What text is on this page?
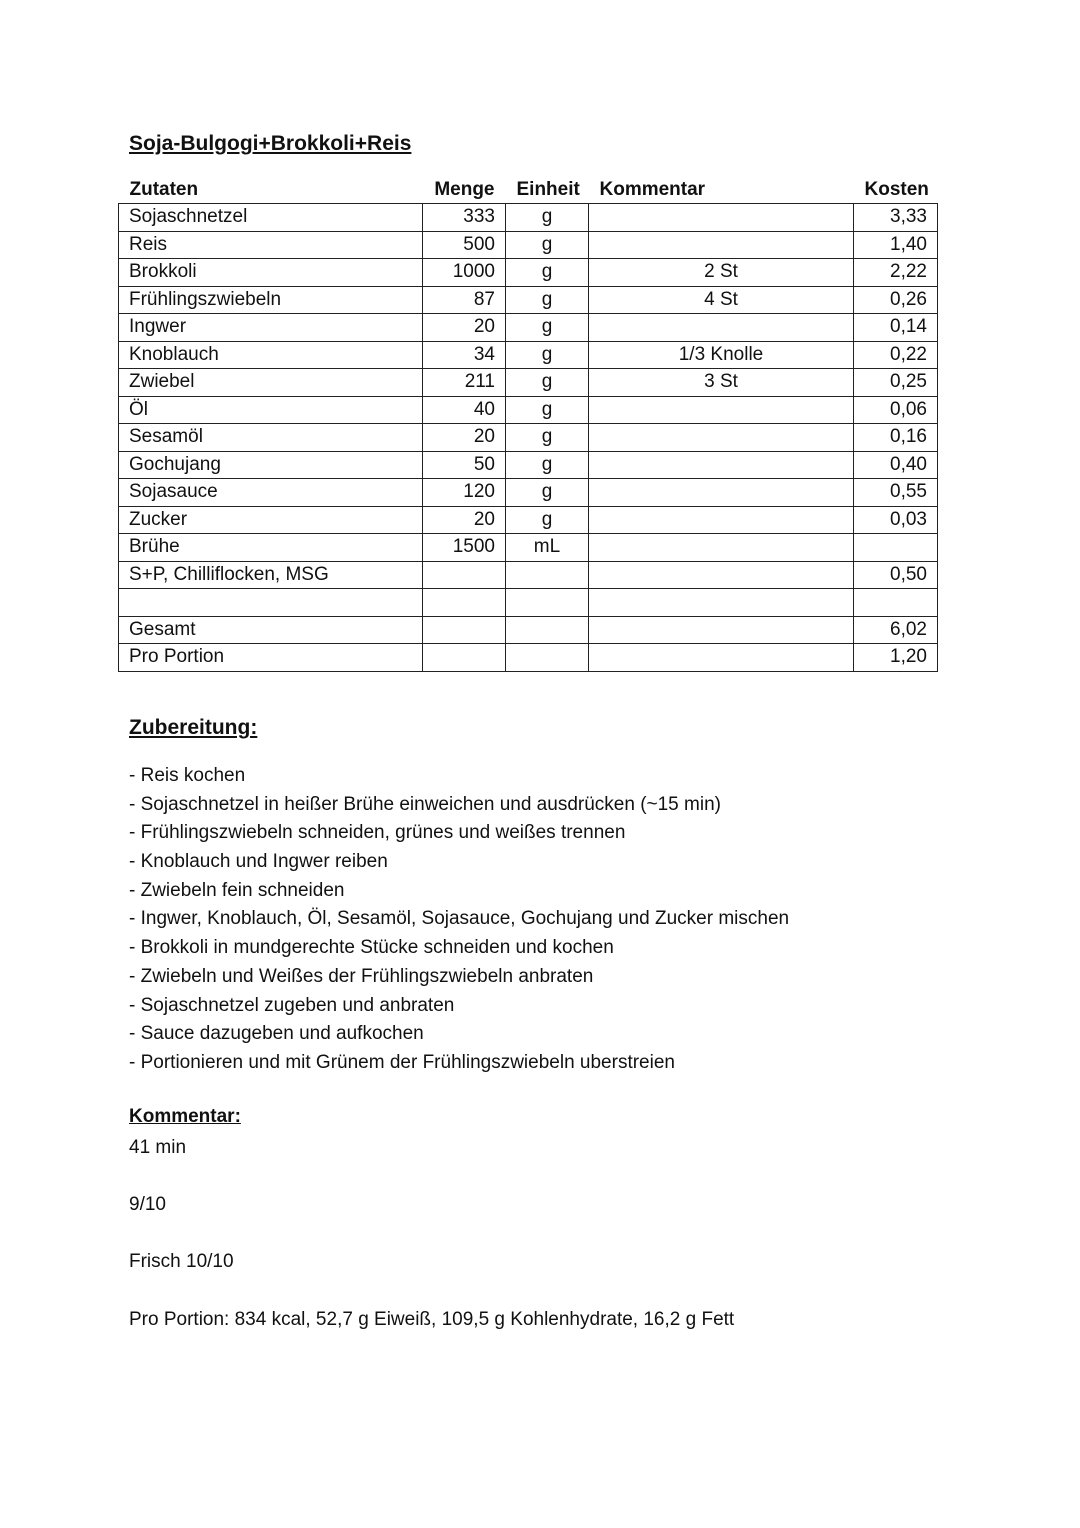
Soja-Bulgogi+Brokkoli+Reis
Zutaten	Menge	Einheit	Kommentar	Kosten
Sojaschnetzel	333	g		3,33
Reis	500	g		1,40
Brokkoli	1000	g	2 St	2,22
Frühlingszwiebeln	87	g	4 St	0,26
Ingwer	20	g		0,14
Knoblauch	34	g	1/3 Knolle	0,22
Zwiebel	211	g	3 St	0,25
Öl	40	g		0,06
Sesamöl	20	g		0,16
Gochujang	50	g		0,40
Sojasauce	120	g		0,55
Zucker	20	g		0,03
Brühe	1500	mL		
S+P, Chilliflocken, MSG				0,50

Gesamt				6,02
Pro Portion				1,20
Zubereitung:
- Reis kochen
- Sojaschnetzel in heißer Brühe einweichen und ausdrücken (~15 min)
- Frühlingszwiebeln schneiden, grünes und weißes trennen
- Knoblauch und Ingwer reiben
- Zwiebeln fein schneiden
- Ingwer, Knoblauch, Öl, Sesamöl, Sojasauce, Gochujang und Zucker mischen
- Brokkoli in mundgerechte Stücke schneiden und kochen
- Zwiebeln und Weißes der Frühlingszwiebeln anbraten
- Sojaschnetzel zugeben und anbraten
- Sauce dazugeben und aufkochen
- Portionieren und mit Grünem der Frühlingszwiebeln uberstreien
Kommentar:

41 min

9/10

Frisch 10/10

Pro Portion: 834 kcal, 52,7 g Eiweiß, 109,5 g Kohlenhydrate, 16,2 g Fett
